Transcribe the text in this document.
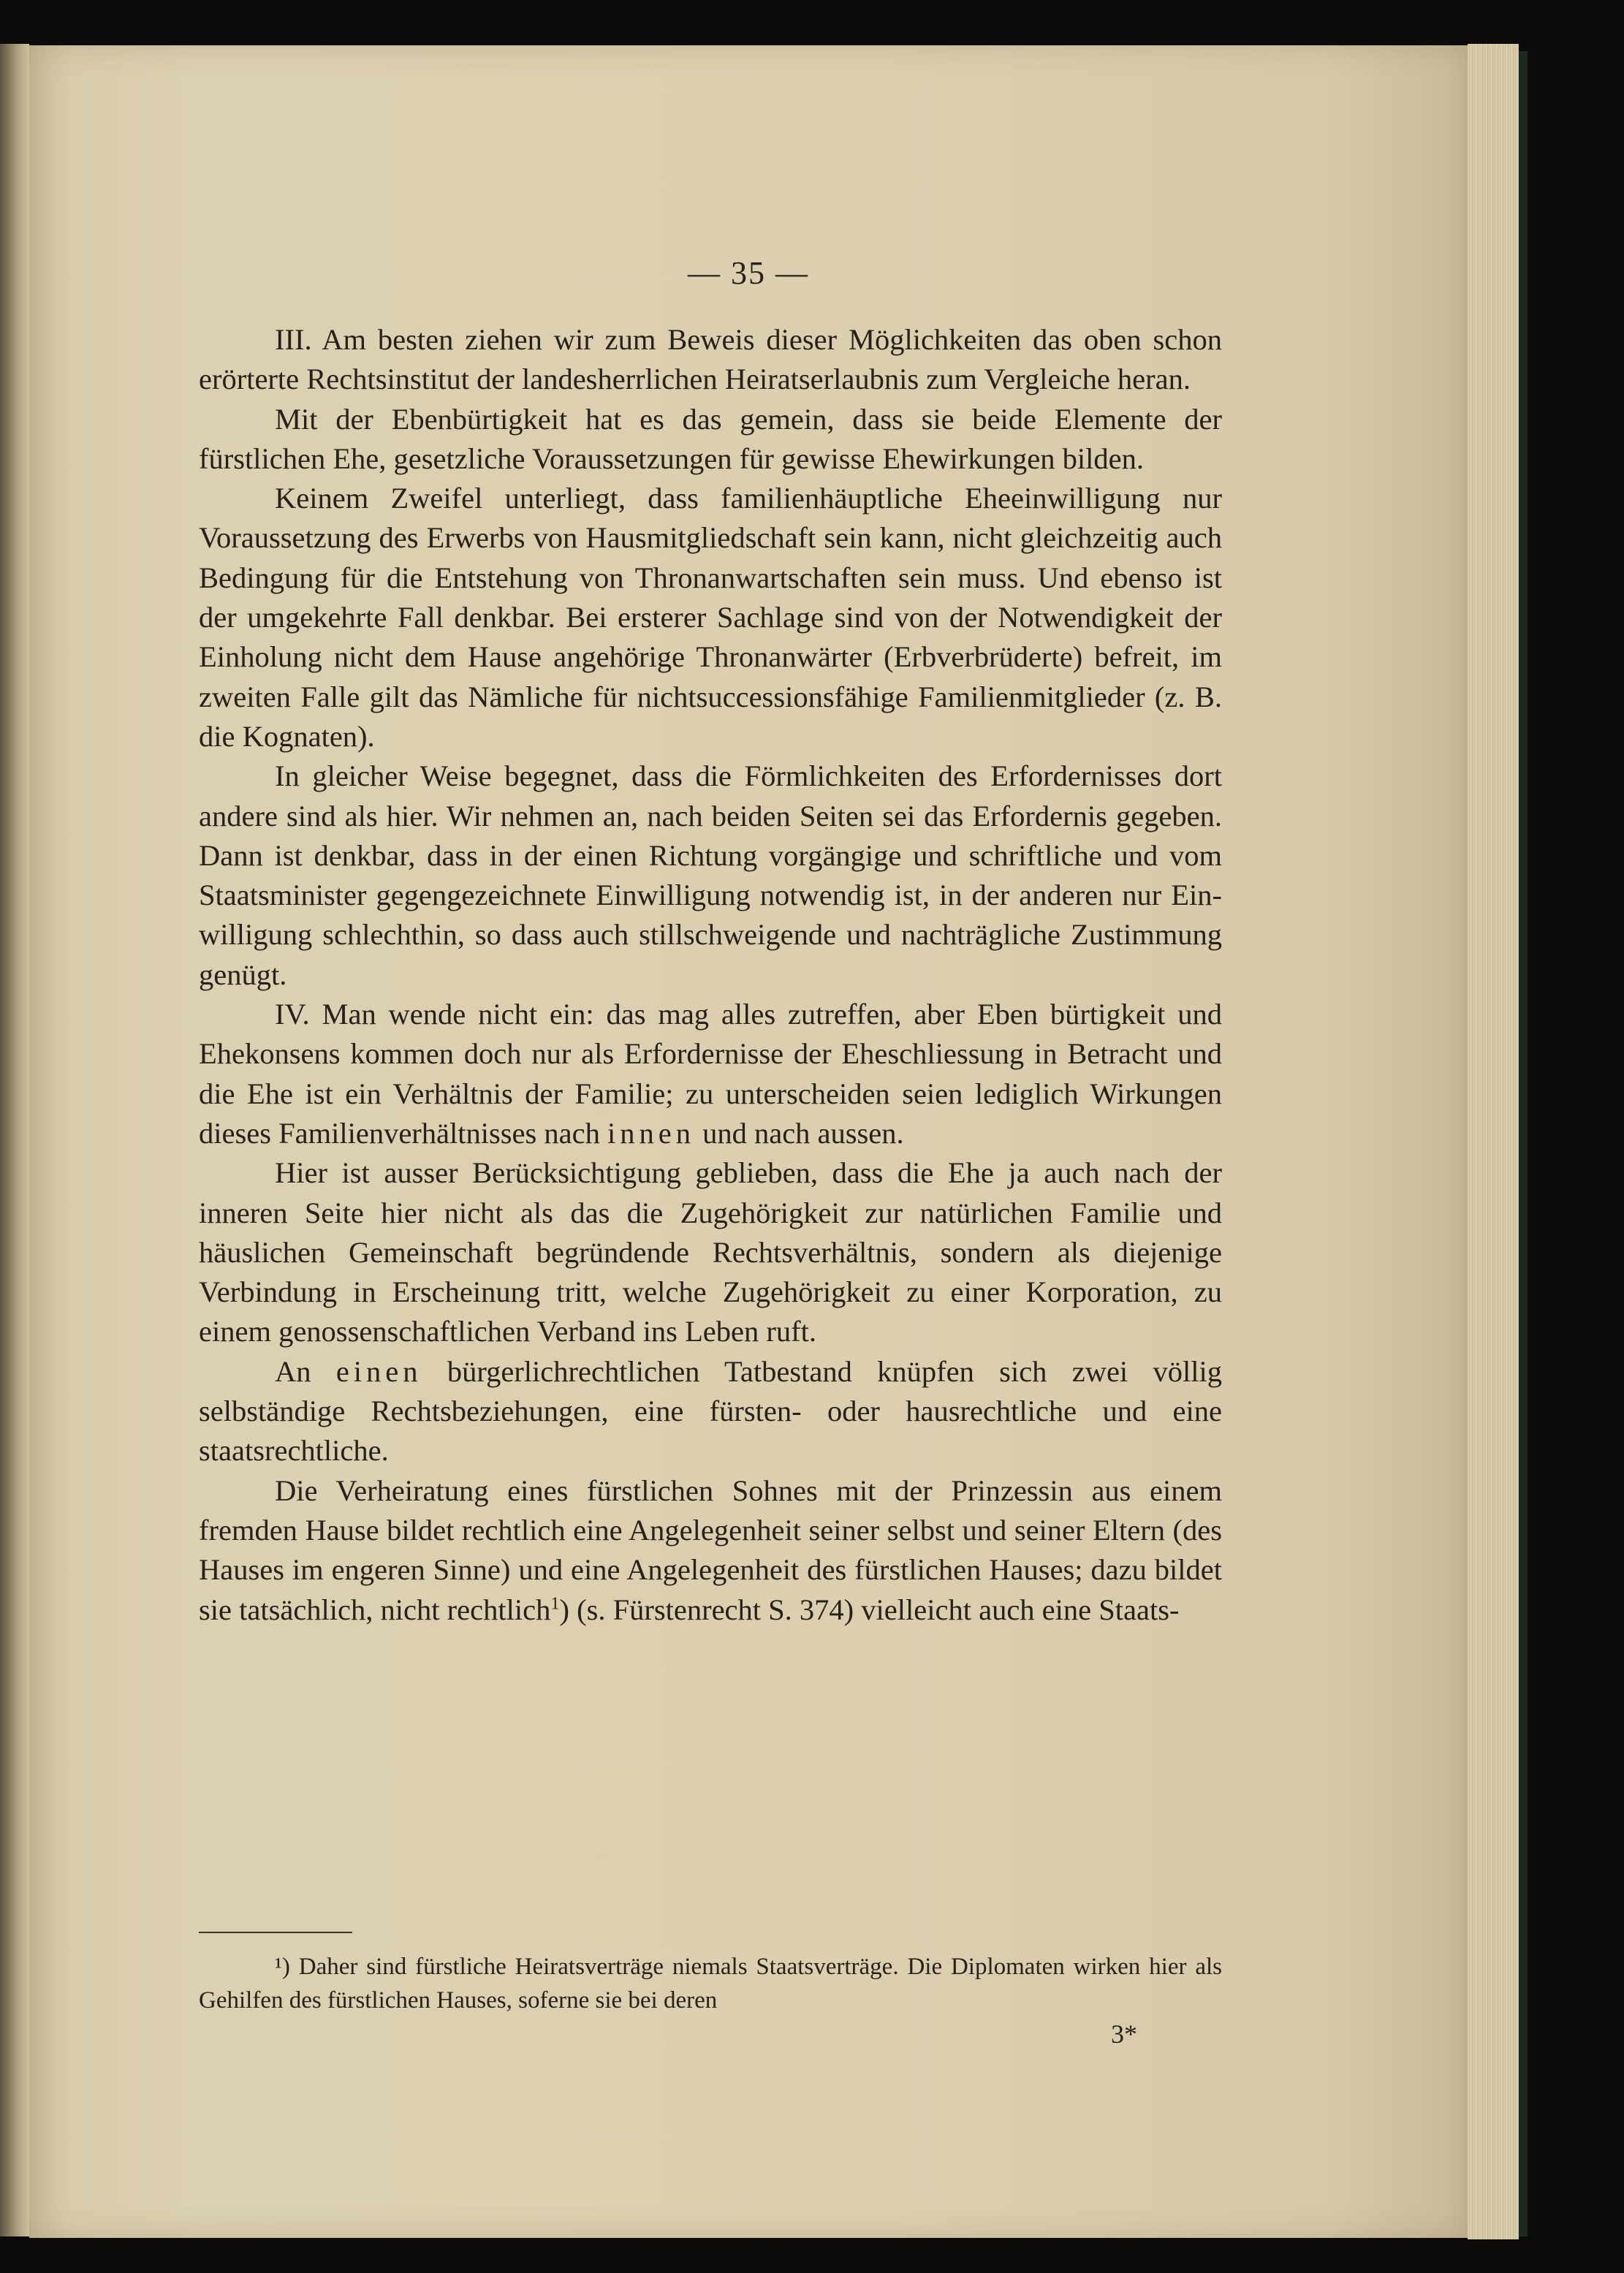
— 35 —

III. Am besten ziehen wir zum Beweis dieser Möglichkeiten das oben schon erörterte Rechtsinstitut der landesherrlichen Heiratserlaubnis zum Vergleiche heran.

Mit der Ebenbürtigkeit hat es das gemein, dass sie beide Elemente der fürstlichen Ehe, gesetzliche Voraussetzungen für gewisse Ehewirkungen bilden.

Keinem Zweifel unterliegt, dass familienhäuptliche Eheeinwilligung nur Voraussetzung des Erwerbs von Hausmitgliedschaft sein kann, nicht gleichzeitig auch Bedingung für die Entstehung von Thronanwartschaften sein muss. Und ebenso ist der umgekehrte Fall denkbar. Bei ersterer Sachlage sind von der Notwendigkeit der Einholung nicht dem Hause angehörige Thronanwärter (Erbverbrüderte) befreit, im zweiten Falle gilt das Nämliche für nichtsuccessionsfähige Familienmitglieder (z. B. die Kognaten).

In gleicher Weise begegnet, dass die Förmlichkeiten des Erfordernisses dort andere sind als hier. Wir nehmen an, nach beiden Seiten sei das Erfordernis gegeben. Dann ist denkbar, dass in der einen Richtung vorgängige und schriftliche und vom Staatsminister gegengezeichnete Einwilligung notwendig ist, in der anderen nur Einwilligung schlechthin, so dass auch stillschweigende und nachträgliche Zustimmung genügt.

IV. Man wende nicht ein: das mag alles zutreffen, aber Eben bürtigkeit und Ehekonsens kommen doch nur als Erfordernisse der Eheschliessung in Betracht und die Ehe ist ein Verhältnis der Familie; zu unterscheiden seien lediglich Wirkungen dieses Familienverhältnisses nach innen und nach aussen.

Hier ist ausser Berücksichtigung geblieben, dass die Ehe ja auch nach der inneren Seite hier nicht als das die Zugehörigkeit zur natürlichen Familie und häuslichen Gemeinschaft begründende Rechtsverhältnis, sondern als diejenige Verbindung in Erscheinung tritt, welche Zugehörigkeit zu einer Korporation, zu einem genossenschaftlichen Verband ins Leben ruft.

An einen bürgerlichrechtlichen Tatbestand knüpfen sich zwei völlig selbständige Rechtsbeziehungen, eine fürsten- oder hausrechtliche und eine staatsrechtliche.

Die Verheiratung eines fürstlichen Sohnes mit der Prinzessin aus einem fremden Hause bildet rechtlich eine Angelegenheit seiner selbst und seiner Eltern (des Hauses im engeren Sinne) und eine Angelegenheit des fürstlichen Hauses; dazu bildet sie tatsächlich, nicht rechtlich$^1$) (s. Fürstenrecht S. 374) vielleicht auch eine Staats-

¹) Daher sind fürstliche Heiratsverträge niemals Staatsverträge. Die Diplomaten wirken hier als Gehilfen des fürstlichen Hauses, soferne sie bei deren

3*
